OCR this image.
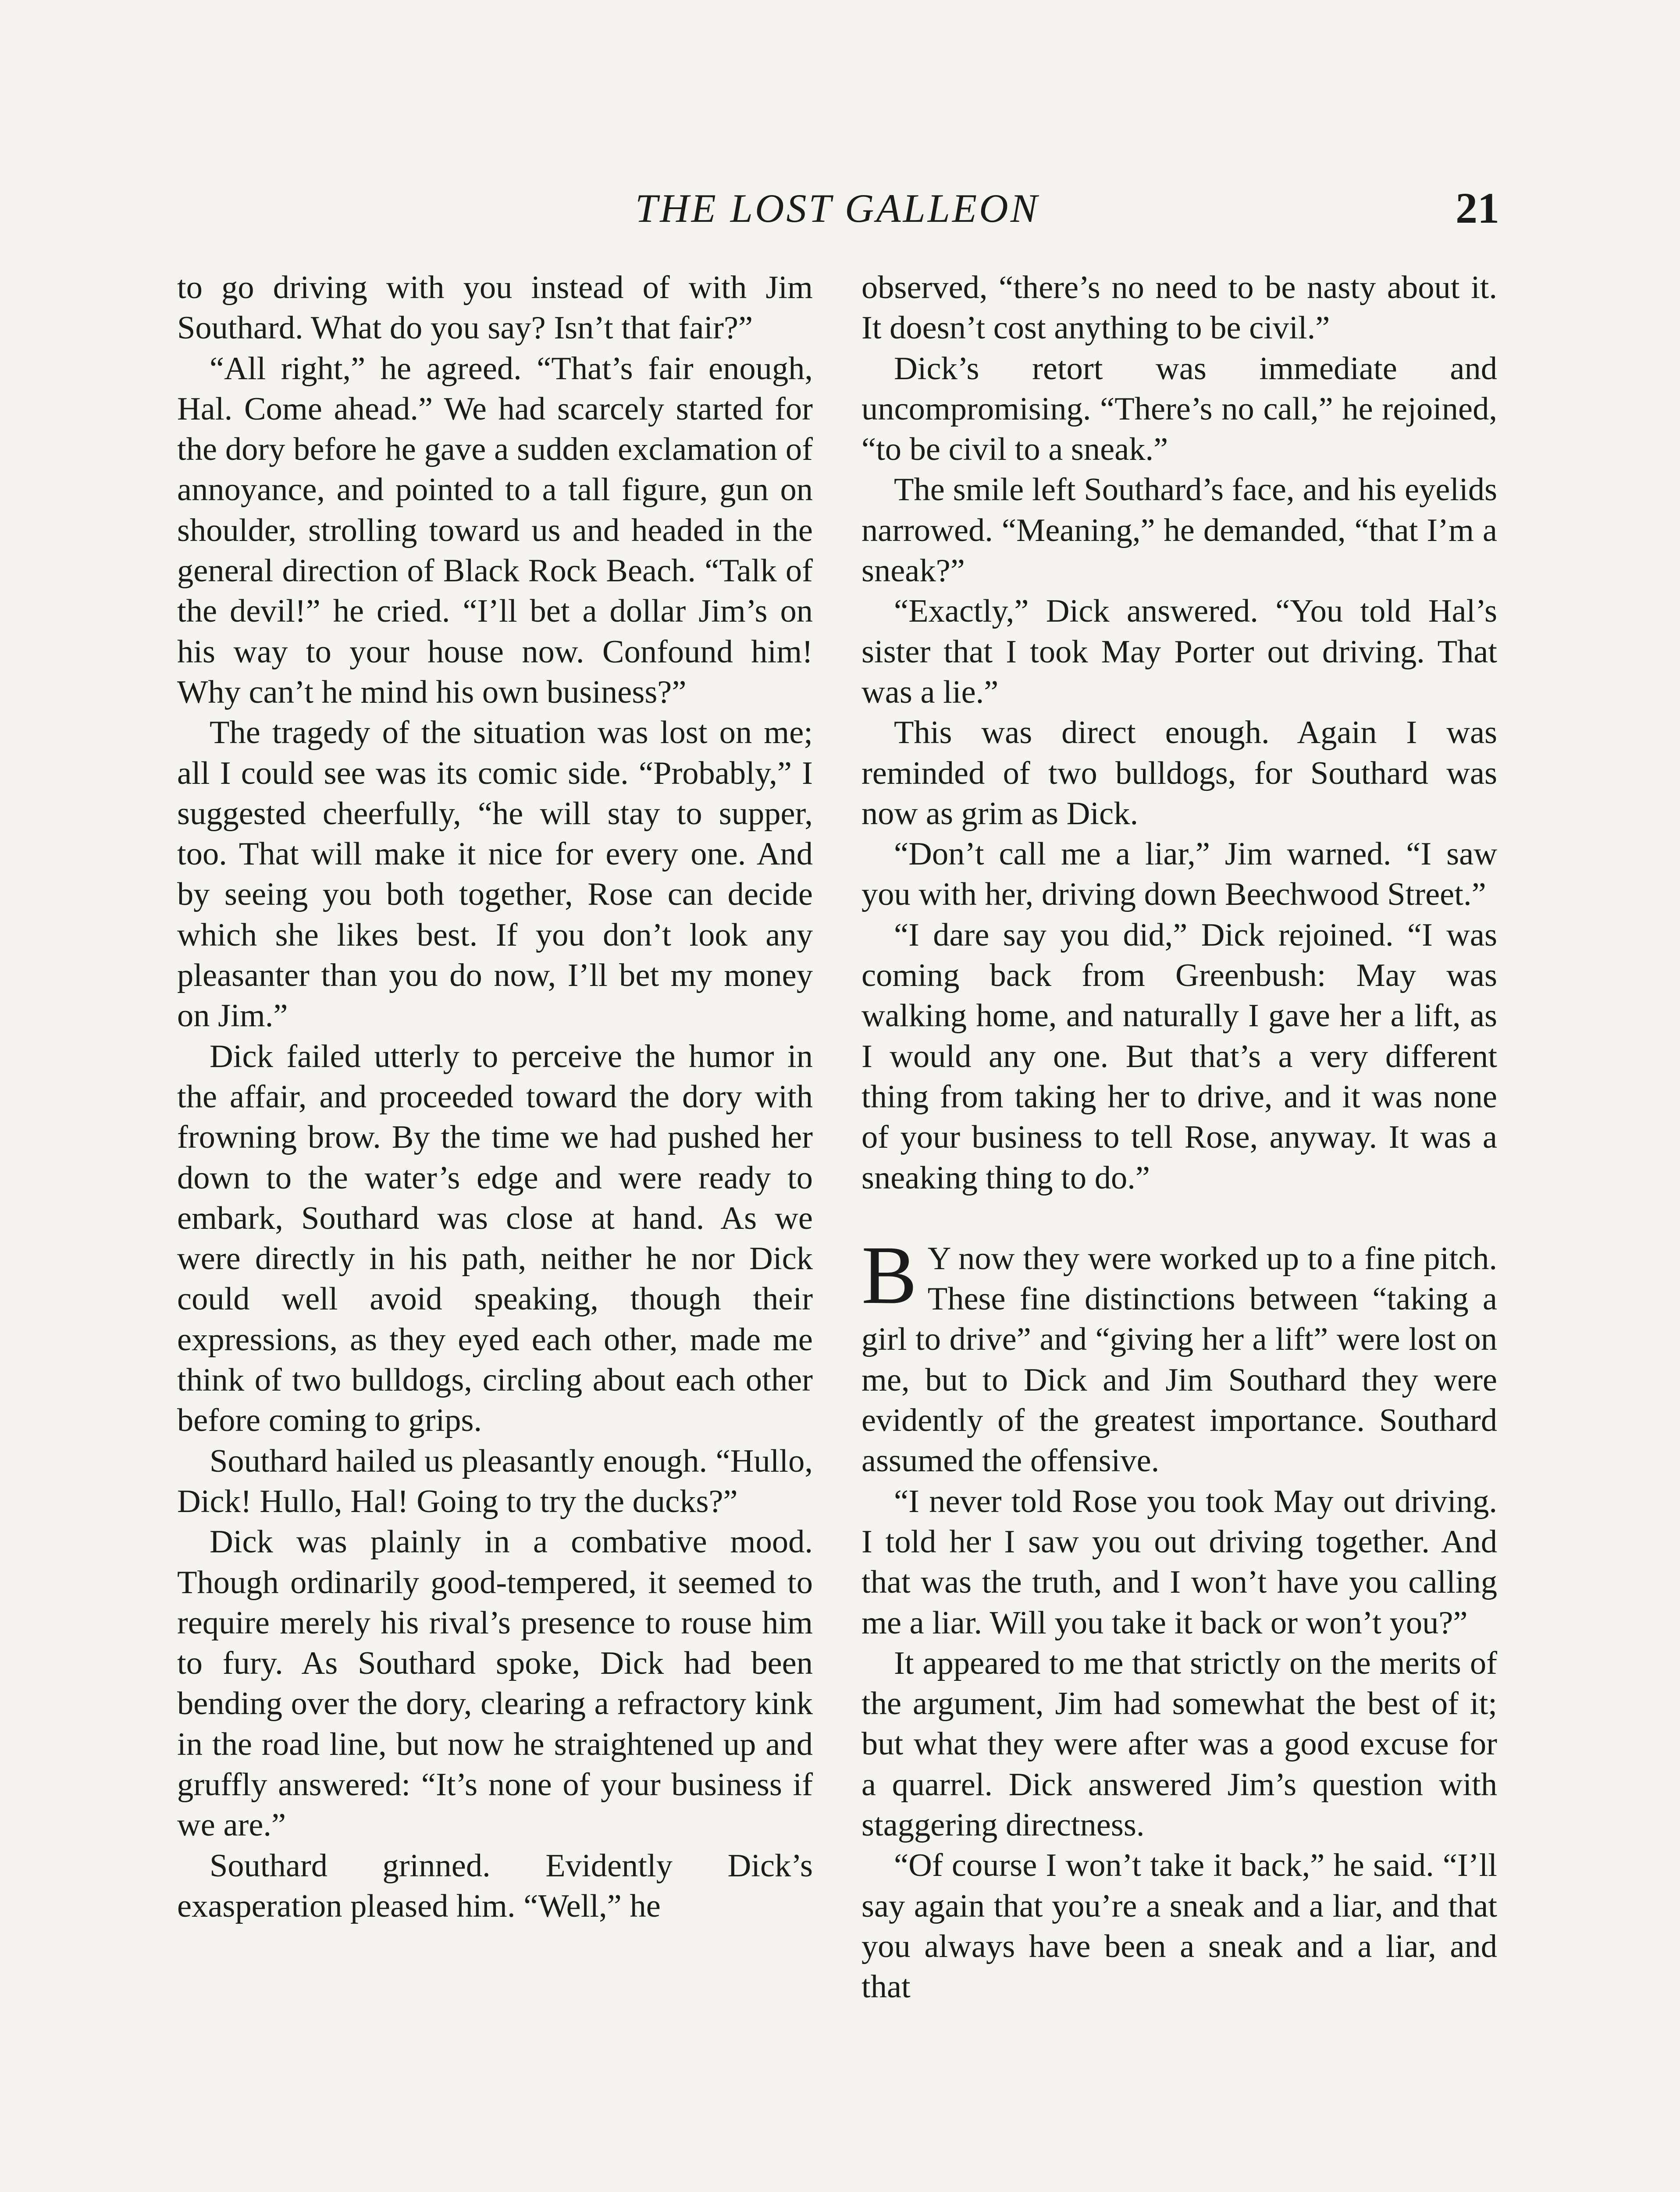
THE LOST GALLEON	21

to go driving with you instead of with Jim Southard. What do you say? Isn’t that fair?”

“All right,” he agreed. “That’s fair enough, Hal. Come ahead.” We had scarcely started for the dory before he gave a sudden exclamation of annoyance, and pointed to a tall figure, gun on shoulder, strolling toward us and headed in the general direction of Black Rock Beach. “Talk of the devil!” he cried. “I’ll bet a dollar Jim’s on his way to your house now. Confound him! Why can’t he mind his own business?”

The tragedy of the situation was lost on me; all I could see was its comic side. “Probably,” I suggested cheerfully, “he will stay to supper, too. That will make it nice for every one. And by seeing you both together, Rose can decide which she likes best. If you don’t look any pleasanter than you do now, I’ll bet my money on Jim.”

Dick failed utterly to perceive the humor in the affair, and proceeded toward the dory with frowning brow. By the time we had pushed her down to the water’s edge and were ready to embark, Southard was close at hand. As we were directly in his path, neither he nor Dick could well avoid speaking, though their expressions, as they eyed each other, made me think of two bulldogs, circling about each other before coming to grips.

Southard hailed us pleasantly enough. “Hullo, Dick! Hullo, Hal! Going to try the ducks?”

Dick was plainly in a combative mood. Though ordinarily good-tempered, it seemed to require merely his rival’s presence to rouse him to fury. As Southard spoke, Dick had been bending over the dory, clearing a refractory kink in the road line, but now he straightened up and gruffly answered: “It’s none of your business if we are.”

Southard grinned. Evidently Dick’s exasperation pleased him. “Well,” he

observed, “there’s no need to be nasty about it. It doesn’t cost anything to be civil.”

Dick’s retort was immediate and uncompromising. “There’s no call,” he rejoined, “to be civil to a sneak.”

The smile left Southard’s face, and his eyelids narrowed. “Meaning,” he demanded, “that I’m a sneak?”

“Exactly,” Dick answered. “You told Hal’s sister that I took May Porter out driving. That was a lie.”

This was direct enough. Again I was reminded of two bulldogs, for Southard was now as grim as Dick.

“Don’t call me a liar,” Jim warned. “I saw you with her, driving down Beechwood Street.”

“I dare say you did,” Dick rejoined. “I was coming back from Greenbush: May was walking home, and naturally I gave her a lift, as I would any one. But that’s a very different thing from taking her to drive, and it was none of your business to tell Rose, anyway. It was a sneaking thing to do.”

B Y now they were worked up to a fine pitch. These fine distinctions between “taking a girl to drive” and “giving her a lift” were lost on me, but to Dick and Jim Southard they were evidently of the greatest importance. Southard assumed the offensive.

“I never told Rose you took May out driving. I told her I saw you out driving together. And that was the truth, and I won’t have you calling me a liar. Will you take it back or won’t you?”

It appeared to me that strictly on the merits of the argument, Jim had somewhat the best of it; but what they were after was a good excuse for a quarrel. Dick answered Jim’s question with staggering directness.

“Of course I won’t take it back,” he said. “I’ll say again that you’re a sneak and a liar, and that you always have been a sneak and a liar, and that
